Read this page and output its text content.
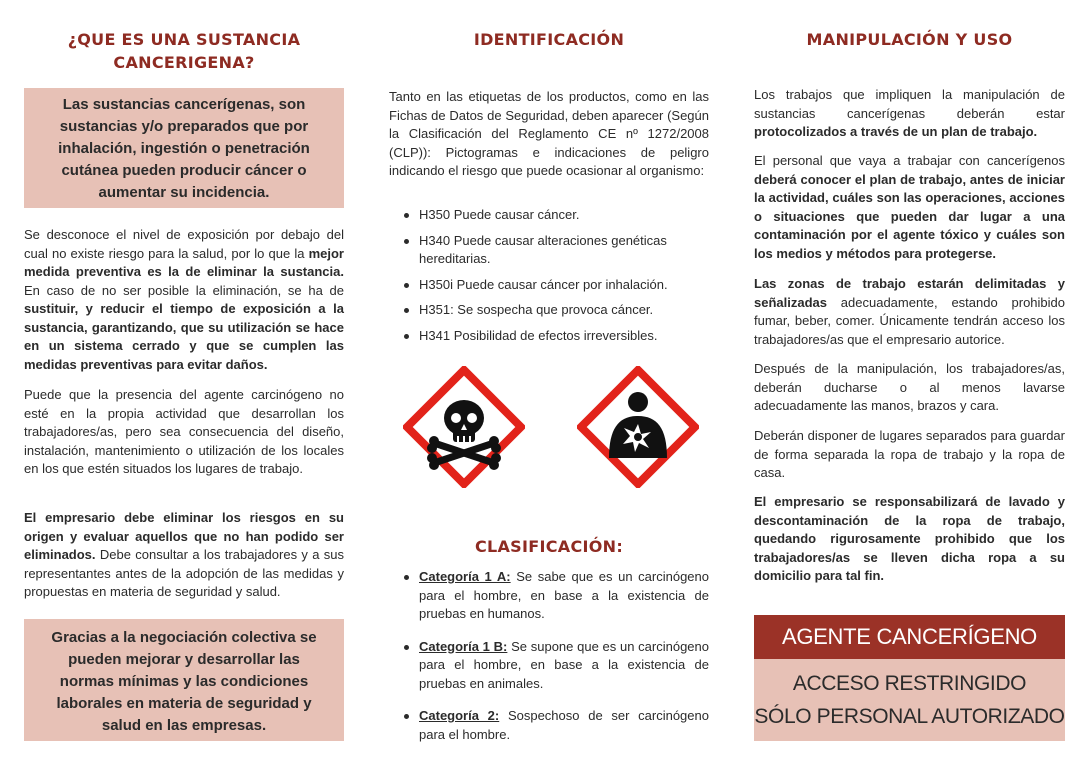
¿QUE ES UNA SUSTANCIA CANCERIGENA?
Las sustancias cancerígenas, son sustancias y/o preparados que por inhalación, ingestión o penetración cutánea pueden producir cáncer o aumentar su incidencia.

Se desconoce el nivel de exposición por debajo del cual no existe riesgo para la salud, por lo que la mejor medida preventiva es la de eliminar la sustancia. En caso de no ser posible la eliminación, se ha de sustituir, y reducir el tiempo de exposición a la sustancia, garantizando, que su utilización se hace en un sistema cerrado y que se cumplen las medidas preventivas para evitar daños.

Puede que la presencia del agente carcinógeno no esté en la propia actividad que desarrollan los trabajadores/as, pero sea consecuencia del diseño, instalación, mantenimiento o utilización de los locales en los que estén situados los lugares de trabajo.

El empresario debe eliminar los riesgos en su origen y evaluar aquellos que no han podido ser eliminados. Debe consultar a los trabajadores y a sus representantes antes de la adopción de las medidas y propuestas en materia de seguridad y salud.

Gracias a la negociación colectiva se pueden mejorar y desarrollar las normas mínimas y las condiciones laborales en materia de seguridad y salud en las empresas.
IDENTIFICACIÓN

Tanto en las etiquetas de los productos, como en las Fichas de Datos de Seguridad, deben aparecer (Según la Clasificación del Reglamento CE nº 1272/2008 (CLP)): Pictogramas e indicaciones de peligro indicando el riesgo que puede ocasionar al organismo:

H350 Puede causar cáncer.
H340 Puede causar alteraciones genéticas hereditarias.
H350i Puede causar cáncer por inhalación.
H351: Se sospecha que provoca cáncer.
H341 Posibilidad de efectos irreversibles.
CLASIFICACIÓN:
Categoría 1 A: Se sabe que es un carcinógeno para el hombre, en base a la existencia de pruebas en humanos.
Categoría 1 B: Se supone que es un carcinógeno para el hombre, en base a la existencia de pruebas en animales.
Categoría 2: Sospechoso de ser carcinógeno para el hombre.
MANIPULACIÓN Y USO

Los trabajos que impliquen la manipulación de sustancias cancerígenas deberán estar protocolizados a través de un plan de trabajo.

El personal que vaya a trabajar con cancerígenos deberá conocer el plan de trabajo, antes de iniciar la actividad, cuáles son las operaciones, acciones o situaciones que pueden dar lugar a una contaminación por el agente tóxico y cuáles son los medios y métodos para protegerse.

Las zonas de trabajo estarán delimitadas y señalizadas adecuadamente, estando prohibido fumar, beber, comer. Únicamente tendrán acceso los trabajadores/as que el empresario autorice.

Después de la manipulación, los trabajadores/as, deberán ducharse o al menos lavarse adecuadamente las manos, brazos y cara.

Deberán disponer de lugares separados para guardar de forma separada la ropa de trabajo y la ropa de casa.

El empresario se responsabilizará de lavado y descontaminación de la ropa de trabajo, quedando rigurosamente prohibido que los trabajadores/as se lleven dicha ropa a su domicilio para tal fin.

AGENTE CANCERÍGENO
ACCESO RESTRINGIDO
SÓLO PERSONAL AUTORIZADO
